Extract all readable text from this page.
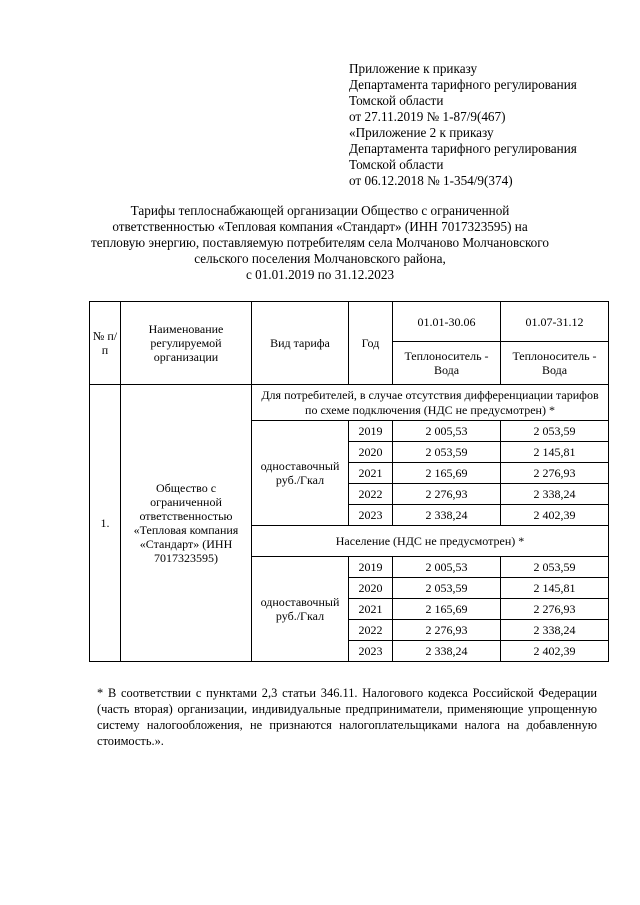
Приложение к приказу
Департамента тарифного регулирования
Томской области
от 27.11.2019 № 1-87/9(467)
«Приложение 2 к приказу
Департамента тарифного регулирования
Томской области
от 06.12.2018 № 1-354/9(374)
Тарифы теплоснабжающей организации Общество с ограниченной
ответственностью «Тепловая компания «Стандарт» (ИНН 7017323595) на
тепловую энергию, поставляемую потребителям села Молчаново Молчановского
сельского поселения Молчановского района,
с 01.01.2019 по 31.12.2023
№ п/п	Наименование регулируемой организации	Вид тарифа	Год	01.01-30.06	01.07-31.12
				Теплоноситель - Вода	Теплоноситель - Вода
1.	Общество с ограниченной ответственностью «Тепловая компания «Стандарт» (ИНН 7017323595)	Для потребителей, в случае отсутствия дифференциации тарифов по схеме подключения (НДС не предусмотрен) *			
		одноставочный руб./Гкал	2019	2 005,53	2 053,59
			2020	2 053,59	2 145,81
			2021	2 165,69	2 276,93
			2022	2 276,93	2 338,24
			2023	2 338,24	2 402,39
		Население (НДС не предусмотрен) *			
		одноставочный руб./Гкал	2019	2 005,53	2 053,59
			2020	2 053,59	2 145,81
			2021	2 165,69	2 276,93
			2022	2 276,93	2 338,24
			2023	2 338,24	2 402,39
* В соответствии с пунктами 2,3 статьи 346.11. Налогового кодекса Российской Федерации (часть вторая) организации, индивидуальные предприниматели, применяющие упрощенную систему налогообложения, не признаются налогоплательщиками налога на добавленную стоимость.».
